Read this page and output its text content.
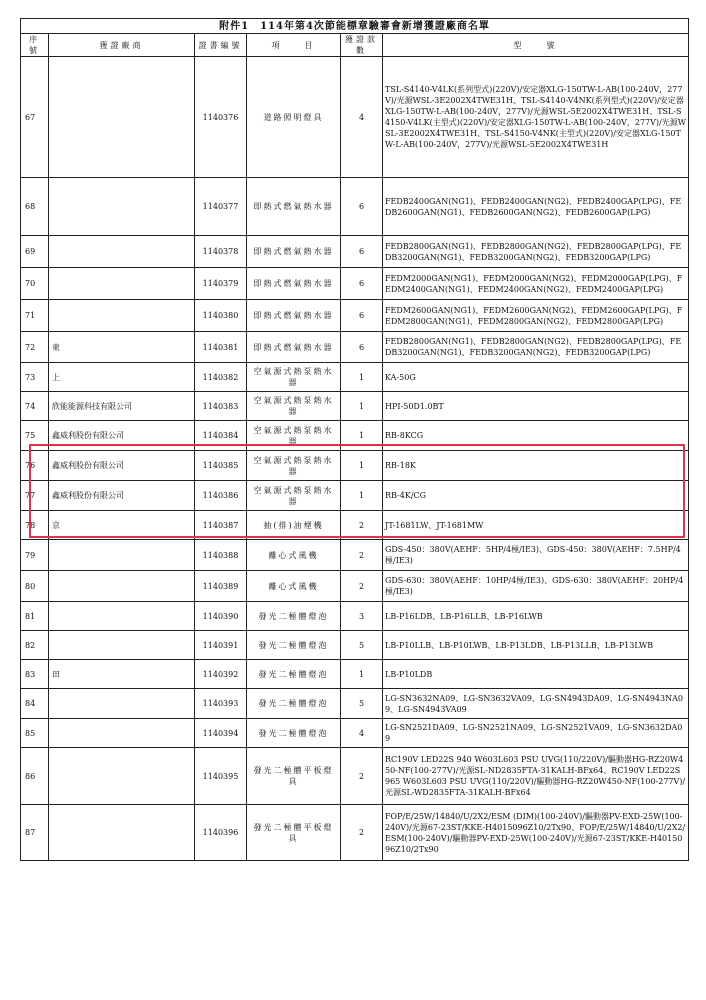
附件1　114年第4次節能標章驗審會新增獲證廠商名單					
序 號	獲證廠商	證書編號	項　　目	獲證款數	型　　號
67		1140376	道路照明燈具	4	TSL-S4140-V4LK(系列型式)(220V)/安定器XLG-150TW-L-AB(100-240V，277V)/光源WSL-3E2002X4TWE31H、TSL-S4140-V4NK(系列型式)(220V)/安定器XLG-150TW-L-AB(100-240V，277V)/光源WSL-5E2002X4TWE31H、TSL-S4150-V4LK(主型式)(220V)/安定器XLG-150TW-L-AB(100-240V，277V)/光源WSL-3E2002X4TWE31H、TSL-S4150-V4NK(主型式)(220V)/安定器XLG-150TW-L-AB(100-240V，277V)/光源WSL-5E2002X4TWE31H
68		1140377	即熱式燃氣熱水器	6	FEDB2400GAN(NG1)、FEDB2400GAN(NG2)、FEDB2400GAP(LPG)、FEDB2600GAN(NG1)、FEDB2600GAN(NG2)、FEDB2600GAP(LPG)
69		1140378	即熱式燃氣熱水器	6	FEDB2800GAN(NG1)、FEDB2800GAN(NG2)、FEDB2800GAP(LPG)、FEDB3200GAN(NG1)、FEDB3200GAN(NG2)、FEDB3200GAP(LPG)
70		1140379	即熱式燃氣熱水器	6	FEDM2000GAN(NG1)、FEDM2000GAN(NG2)、FEDM2000GAP(LPG)、FEDM2400GAN(NG1)、FEDM2400GAN(NG2)、FEDM2400GAP(LPG)
71		1140380	即熱式燃氣熱水器	6	FEDM2600GAN(NG1)、FEDM2600GAN(NG2)、FEDM2600GAP(LPG)、FEDM2800GAN(NG1)、FEDM2800GAN(NG2)、FEDM2800GAP(LPG)
72	東	1140381	即熱式燃氣熱水器	6	FEDB2800GAN(NG1)、FEDB2800GAN(NG2)、FEDB2800GAP(LPG)、FEDB3200GAN(NG1)、FEDB3200GAN(NG2)、FEDB3200GAP(LPG)
73	上	1140382	空氣源式熱泵熱水器	1	KA-50G
74	欣能能源科技有限公司	1140383	空氣源式熱泵熱水器	1	HPI-50D1.0BT
75	鑫威利股份有限公司	1140384	空氣源式熱泵熱水器	1	RB-8KCG
76	鑫威利股份有限公司	1140385	空氣源式熱泵熱水器	1	RB-18K
77	鑫威利股份有限公司	1140386	空氣源式熱泵熱水器	1	RB-4K/CG
78	京	1140387	抽(排)油煙機	2	JT-1681LW、JT-1681MW
79		1140388	離心式風機	2	GDS-450：380V(AEHF：5HP/4極/IE3)、GDS-450：380V(AEHF：7.5HP/4極/IE3)
80		1140389	離心式風機	2	GDS-630：380V(AEHF：10HP/4極/IE3)、GDS-630：380V(AEHF：20HP/4極/IE3)
81		1140390	發光二極體燈泡	3	LB-P16LDB、LB-P16LLB、LB-P16LWB
82		1140391	發光二極體燈泡	5	LB-P10LLB、LB-P10LWB、LB-P13LDB、LB-P13LLB、LB-P13LWB
83	田	1140392	發光二極體燈泡	1	LB-P10LDB
84		1140393	發光二極體燈泡	5	LG-SN3632NA09、LG-SN3632VA09、LG-SN4943DA09、LG-SN4943NA09、LG-SN4943VA09
85		1140394	發光二極體燈泡	4	LG-SN2521DA09、LG-SN2521NA09、LG-SN2521VA09、LG-SN3632DA09
86		1140395	發光二極體平板燈具	2	RC190V LED22S 940 W603L603 PSU UVG(110/220V)/驅動器HG-RZ20W450-NF(100-277V)/光源SL-ND2835FTA-31KALH-BFx64、RC190V LED22S 965 W603L603 PSU UVG(110/220V)/驅動器HG-RZ20W450-NF(100-277V)/光源SL-WD2835FTA-31KALH-BFx64
87		1140396	發光二極體平板燈具	2	FOP/E/25W/14840/U/2X2/ESM (DIM)(100-240V)/驅動器PV-EXD-25W(100-240V)/光源67-23ST/KKE-H4015096Z10/2Tx90、FOP/E/25W/14840/U/2X2/ESM(100-240V)/驅動器PV-EXD-25W(100-240V)/光源67-23ST/KKE-H4015096Z10/2Tx90
